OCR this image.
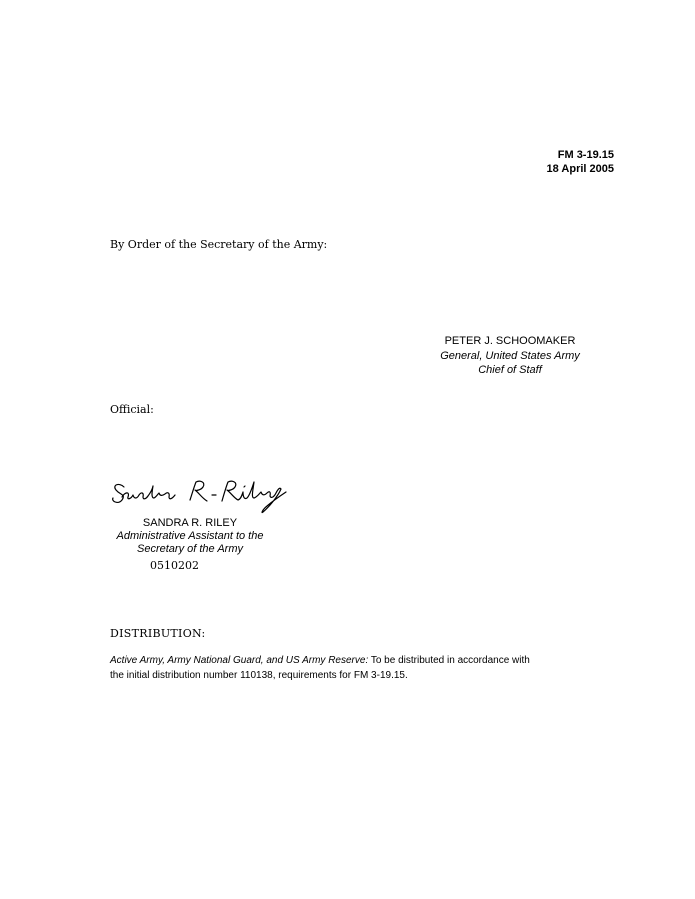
FM 3-19.15
18 April 2005
By Order of the Secretary of the Army:
PETER J. SCHOOMAKER
General, United States Army
Chief of Staff
Official:
SANDRA R. RILEY
Administrative Assistant to the
Secretary of the Army
0510202
DISTRIBUTION:
Active Army, Army National Guard, and US Army Reserve: To be distributed in accordance with
the initial distribution number 110138, requirements for FM 3-19.15.
